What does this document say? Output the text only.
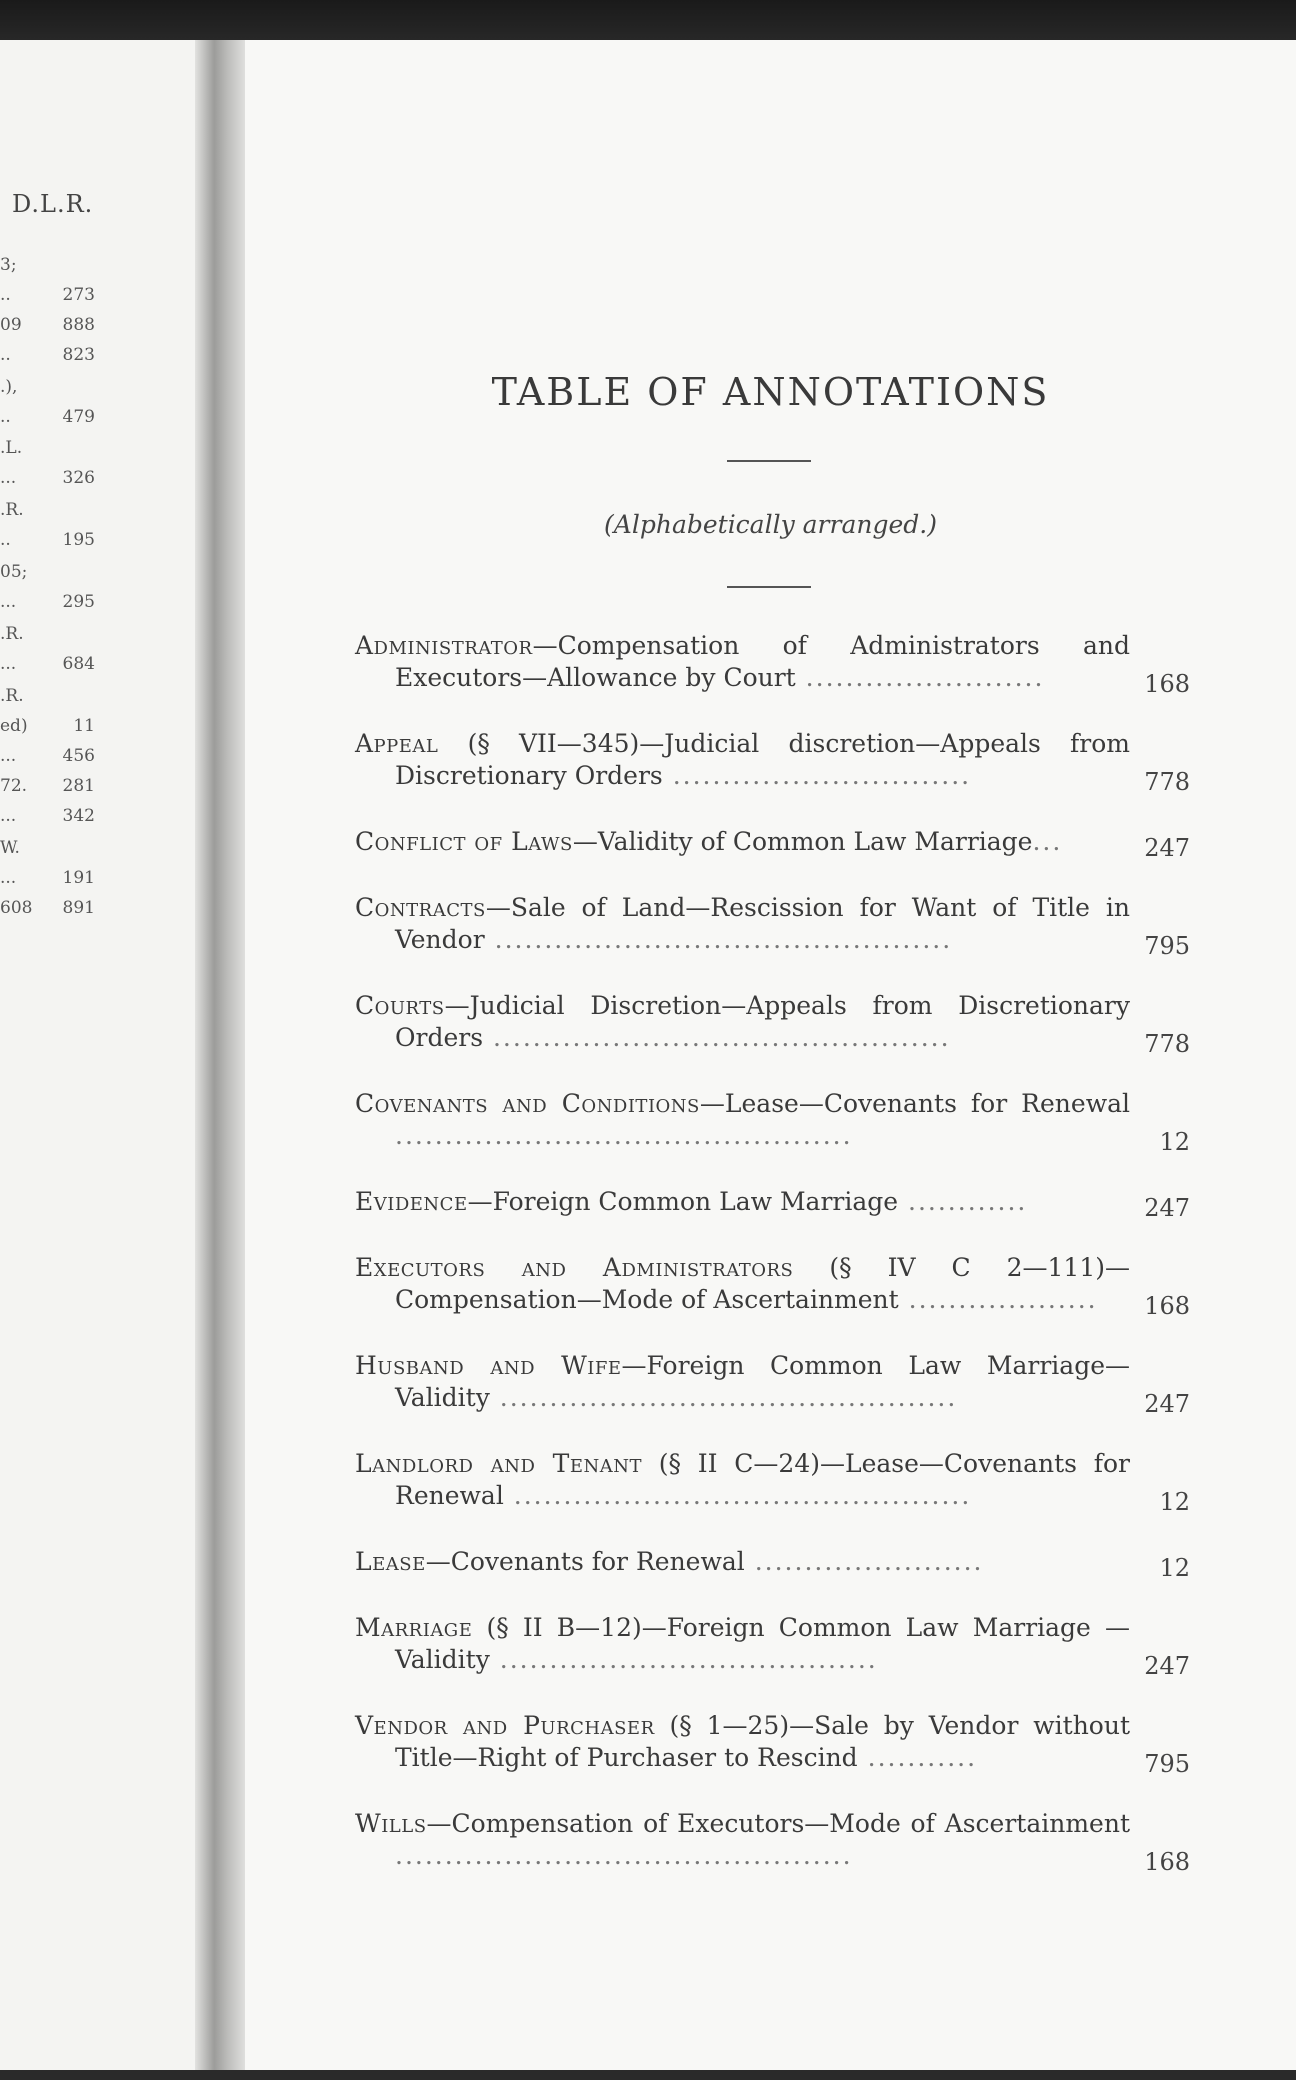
D.L.R.
3;
..	273
09 888
..	823
.),
..	479
.L.
...	326
.R.
..	195
05;
...	295
.R.
...	684
.R.
ed)	11
...	456
72. 281
...	342
W.
...	191
608 891
TABLE OF ANNOTATIONS
(Alphabetically arranged.)
Administrator—Compensation of Administrators and Executors—Allowance by Court ........................	168
Appeal (§ VII—345)—Judicial discretion—Appeals from Discretionary Orders ..............................	778
Conflict of Laws—Validity of Common Law Marriage...	247
Contracts—Sale of Land—Rescission for Want of Title in Vendor ..............................................	795
Courts—Judicial Discretion—Appeals from Discretionary Orders ..............................................	778
Covenants and Conditions—Lease—Covenants for Renewal ..............................................	12
Evidence—Foreign Common Law Marriage ............	247
Executors and Administrators (§ IV C 2—111)—Compensation—Mode of Ascertainment ...................	168
Husband and Wife—Foreign Common Law Marriage—Validity ..............................................	247
Landlord and Tenant (§ II C—24)—Lease—Covenants for Renewal ..............................................	12
Lease—Covenants for Renewal .......................	12
Marriage (§ II B—12)—Foreign Common Law Marriage —Validity ......................................	247
Vendor and Purchaser (§ 1—25)—Sale by Vendor without Title—Right of Purchaser to Rescind ...........	795
Wills—Compensation of Executors—Mode of Ascertainment ..............................................	168
